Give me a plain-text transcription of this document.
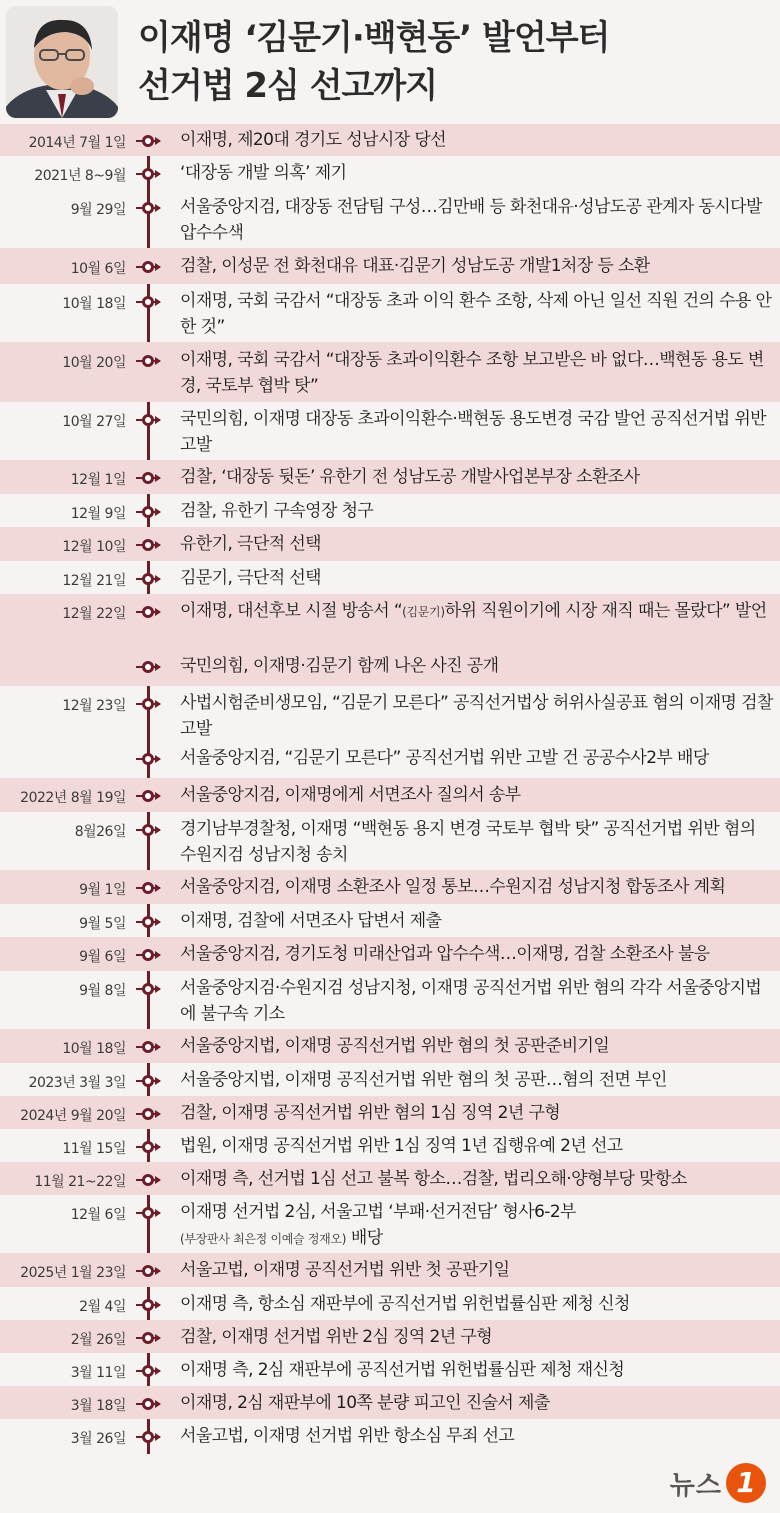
이재명 ‘김문기·백현동’ 발언부터
선거법 2심 선고까지
2014년 7월 1일	이재명, 제20대 경기도 성남시장 당선
2021년 8~9월	‘대장동 개발 의혹’ 제기
9월 29일	서울중앙지검, 대장동 전담팀 구성…김만배 등 화천대유·성남도공 관계자 동시다발 압수수색
10월 6일	검찰, 이성문 전 화천대유 대표·김문기 성남도공 개발1처장 등 소환
10월 18일	이재명, 국회 국감서 “대장동 초과 이익 환수 조항, 삭제 아닌 일선 직원 건의 수용 안 한 것”
10월 20일	이재명, 국회 국감서 “대장동 초과이익환수 조항 보고받은 바 없다…백현동 용도 변경, 국토부 협박 탓”
10월 27일	국민의힘, 이재명 대장동 초과이익환수·백현동 용도변경 국감 발언 공직선거법 위반 고발
12월 1일	검찰, ‘대장동 뒷돈’ 유한기 전 성남도공 개발사업본부장 소환조사
12월 9일	검찰, 유한기 구속영장 청구
12월 10일	유한기, 극단적 선택
12월 21일	김문기, 극단적 선택
12월 22일	이재명, 대선후보 시절 방송서 “(김문기)하위 직원이기에 시장 재직 때는 몰랐다” 발언
국민의힘, 이재명·김문기 함께 나온 사진 공개
12월 23일	사법시험준비생모임, “김문기 모른다” 공직선거법상 허위사실공표 혐의 이재명 검찰 고발
서울중앙지검, “김문기 모른다” 공직선거법 위반 고발 건 공공수사2부 배당
2022년 8월 19일	서울중앙지검, 이재명에게 서면조사 질의서 송부
8월26일	경기남부경찰청, 이재명 “백현동 용지 변경 국토부 협박 탓” 공직선거법 위반 혐의 수원지검 성남지청 송치
9월 1일	서울중앙지검, 이재명 소환조사 일정 통보…수원지검 성남지청 합동조사 계획
9월 5일	이재명, 검찰에 서면조사 답변서 제출
9월 6일	서울중앙지검, 경기도청 미래산업과 압수수색…이재명, 검찰 소환조사 불응
9월 8일	서울중앙지검·수원지검 성남지청, 이재명 공직선거법 위반 혐의 각각 서울중앙지법에 불구속 기소
10월 18일	서울중앙지법, 이재명 공직선거법 위반 혐의 첫 공판준비기일
2023년 3월 3일	서울중앙지법, 이재명 공직선거법 위반 혐의 첫 공판…혐의 전면 부인
2024년 9월 20일	검찰, 이재명 공직선거법 위반 혐의 1심 징역 2년 구형
11월 15일	법원, 이재명 공직선거법 위반 1심 징역 1년 집행유예 2년 선고
11월 21~22일	이재명 측, 선거법 1심 선고 불복 항소…검찰, 법리오해·양형부당 맞항소
12월 6일	이재명 선거법 2심, 서울고법 ‘부패·선거전담’ 형사6-2부
(부장판사 최은정 이예슬 정재오) 배당
2025년 1월 23일	서울고법, 이재명 공직선거법 위반 첫 공판기일
2월 4일	이재명 측, 항소심 재판부에 공직선거법 위헌법률심판 제청 신청
2월 26일	검찰, 이재명 선거법 위반 2심 징역 2년 구형
3월 11일	이재명 측, 2심 재판부에 공직선거법 위헌법률심판 제청 재신청
3월 18일	이재명, 2심 재판부에 10쪽 분량 피고인 진술서 제출
3월 26일	서울고법, 이재명 선거법 위반 항소심 무죄 선고
뉴스 1
